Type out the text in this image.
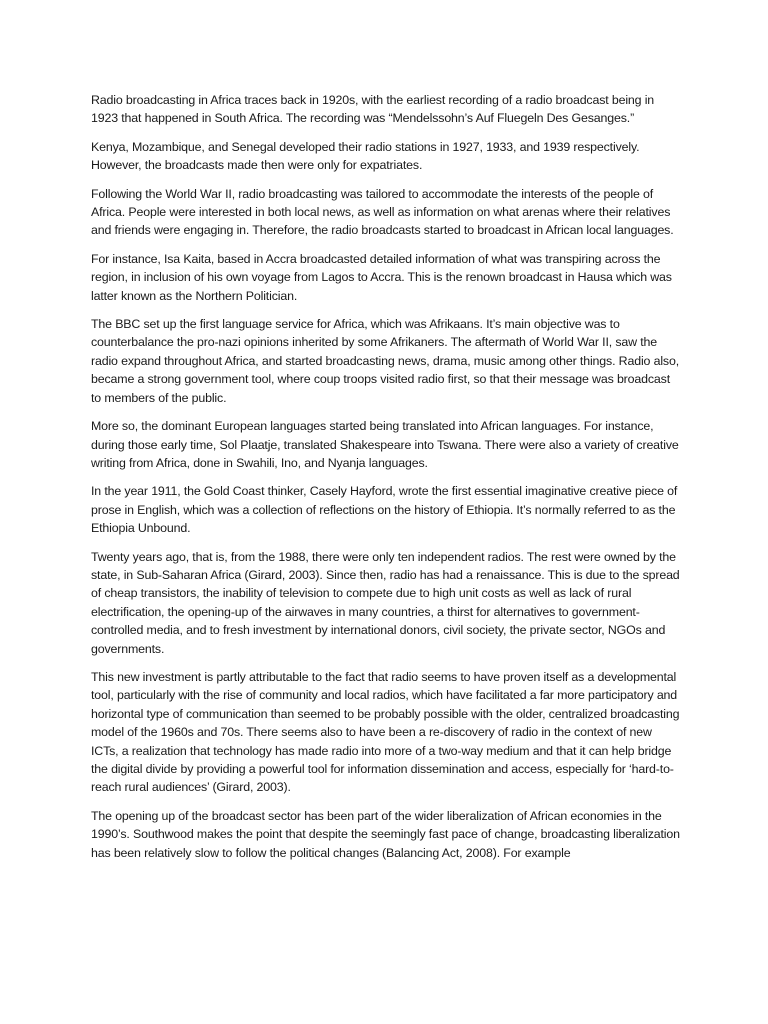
Radio broadcasting in Africa traces back in 1920s, with the earliest recording of a radio broadcast being in 1923 that happened in South Africa. The recording was “Mendelssohn’s Auf Fluegeln Des Gesanges.”

Kenya, Mozambique, and Senegal developed their radio stations in 1927, 1933, and 1939 respectively. However, the broadcasts made then were only for expatriates.

Following the World War II, radio broadcasting was tailored to accommodate the interests of the people of Africa. People were interested in both local news, as well as information on what arenas where their relatives and friends were engaging in. Therefore, the radio broadcasts started to broadcast in African local languages.

For instance, Isa Kaita, based in Accra broadcasted detailed information of what was transpiring across the region, in inclusion of his own voyage from Lagos to Accra. This is the renown broadcast in Hausa which was latter known as the Northern Politician.

The BBC set up the first language service for Africa, which was Afrikaans. It’s main objective was to counterbalance the pro-nazi opinions inherited by some Afrikaners. The aftermath of World War II, saw the radio expand throughout Africa, and started broadcasting news, drama, music among other things. Radio also, became a strong government tool, where coup troops visited radio first, so that their message was broadcast to members of the public.

More so, the dominant European languages started being translated into African languages. For instance, during those early time, Sol Plaatje, translated Shakespeare into Tswana. There were also a variety of creative writing from Africa, done in Swahili, Ino, and Nyanja languages.

In the year 1911, the Gold Coast thinker, Casely Hayford, wrote the first essential imaginative creative piece of prose in English, which was a collection of reflections on the history of Ethiopia. It’s normally referred to as the Ethiopia Unbound.

Twenty years ago, that is, from the 1988, there were only ten independent radios. The rest were owned by the state, in Sub-Saharan Africa (Girard, 2003). Since then, radio has had a renaissance. This is due to the spread of cheap transistors, the inability of television to compete due to high unit costs as well as lack of rural electrification, the opening-up of the airwaves in many countries, a thirst for alternatives to government-controlled media, and to fresh investment by international donors, civil society, the private sector, NGOs and governments.

This new investment is partly attributable to the fact that radio seems to have proven itself as a developmental tool, particularly with the rise of community and local radios, which have facilitated a far more participatory and horizontal type of communication than seemed to be probably possible with the older, centralized broadcasting model of the 1960s and 70s. There seems also to have been a re-discovery of radio in the context of new ICTs, a realization that technology has made radio into more of a two-way medium and that it can help bridge the digital divide by providing a powerful tool for information dissemination and access, especially for ‘hard-to-reach rural audiences’ (Girard, 2003).

The opening up of the broadcast sector has been part of the wider liberalization of African economies in the 1990’s. Southwood makes the point that despite the seemingly fast pace of change, broadcasting liberalization has been relatively slow to follow the political changes (Balancing Act, 2008). For example
